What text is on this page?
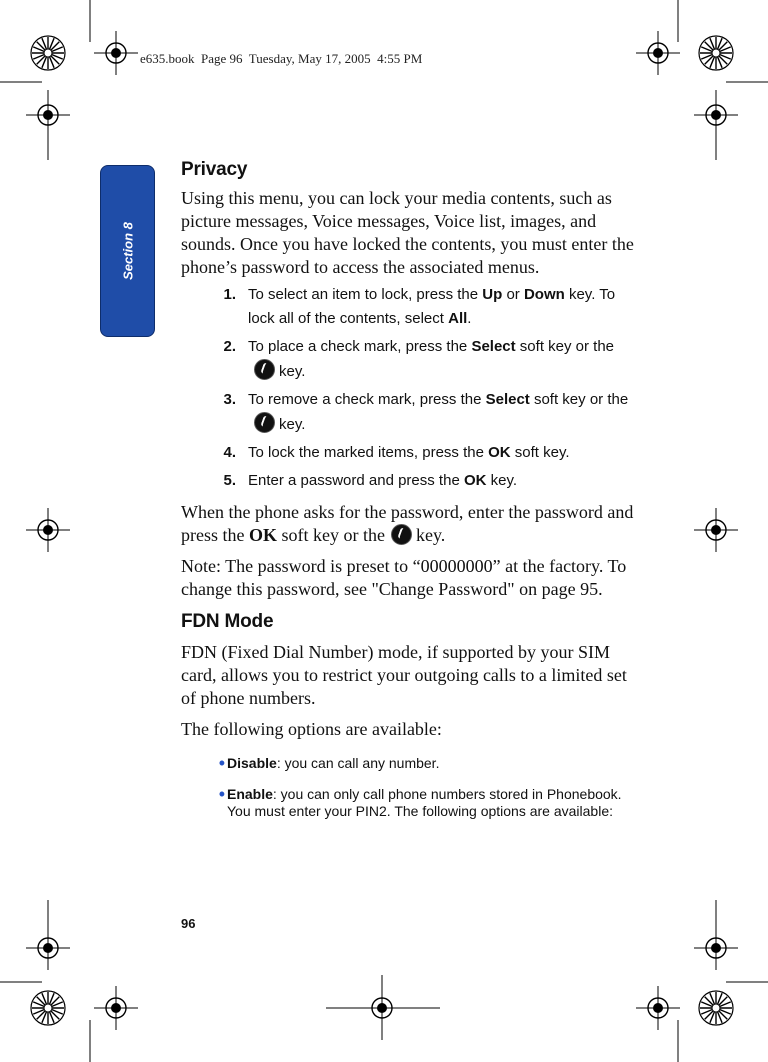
e635.book  Page 96  Tuesday, May 17, 2005  4:55 PM
Section 8
Privacy

Using this menu, you can lock your media contents, such as picture messages, Voice messages, Voice list, images, and sounds. Once you have locked the contents, you must enter the phone’s password to access the associated menus.

1. To select an item to lock, press the Up or Down key. To lock all of the contents, select All.
2. To place a check mark, press the Select soft key or the
key.
3. To remove a check mark, press the Select soft key or thekey.
4. To lock the marked items, press the OK soft key.
5. Enter a password and press the OK key.

When the phone asks for the password, enter the password and press the OK soft key or the key.

Note: The password is preset to “00000000” at the factory. To change this password, see "Change Password" on page 95.

FDN Mode

FDN (Fixed Dial Number) mode, if supported by your SIM card, allows you to restrict your outgoing calls to a limited set of phone numbers.

The following options are available:

• Disable: you can call any number.
• Enable: you can only call phone numbers stored in Phonebook. You must enter your PIN2. The following options are available:
96
